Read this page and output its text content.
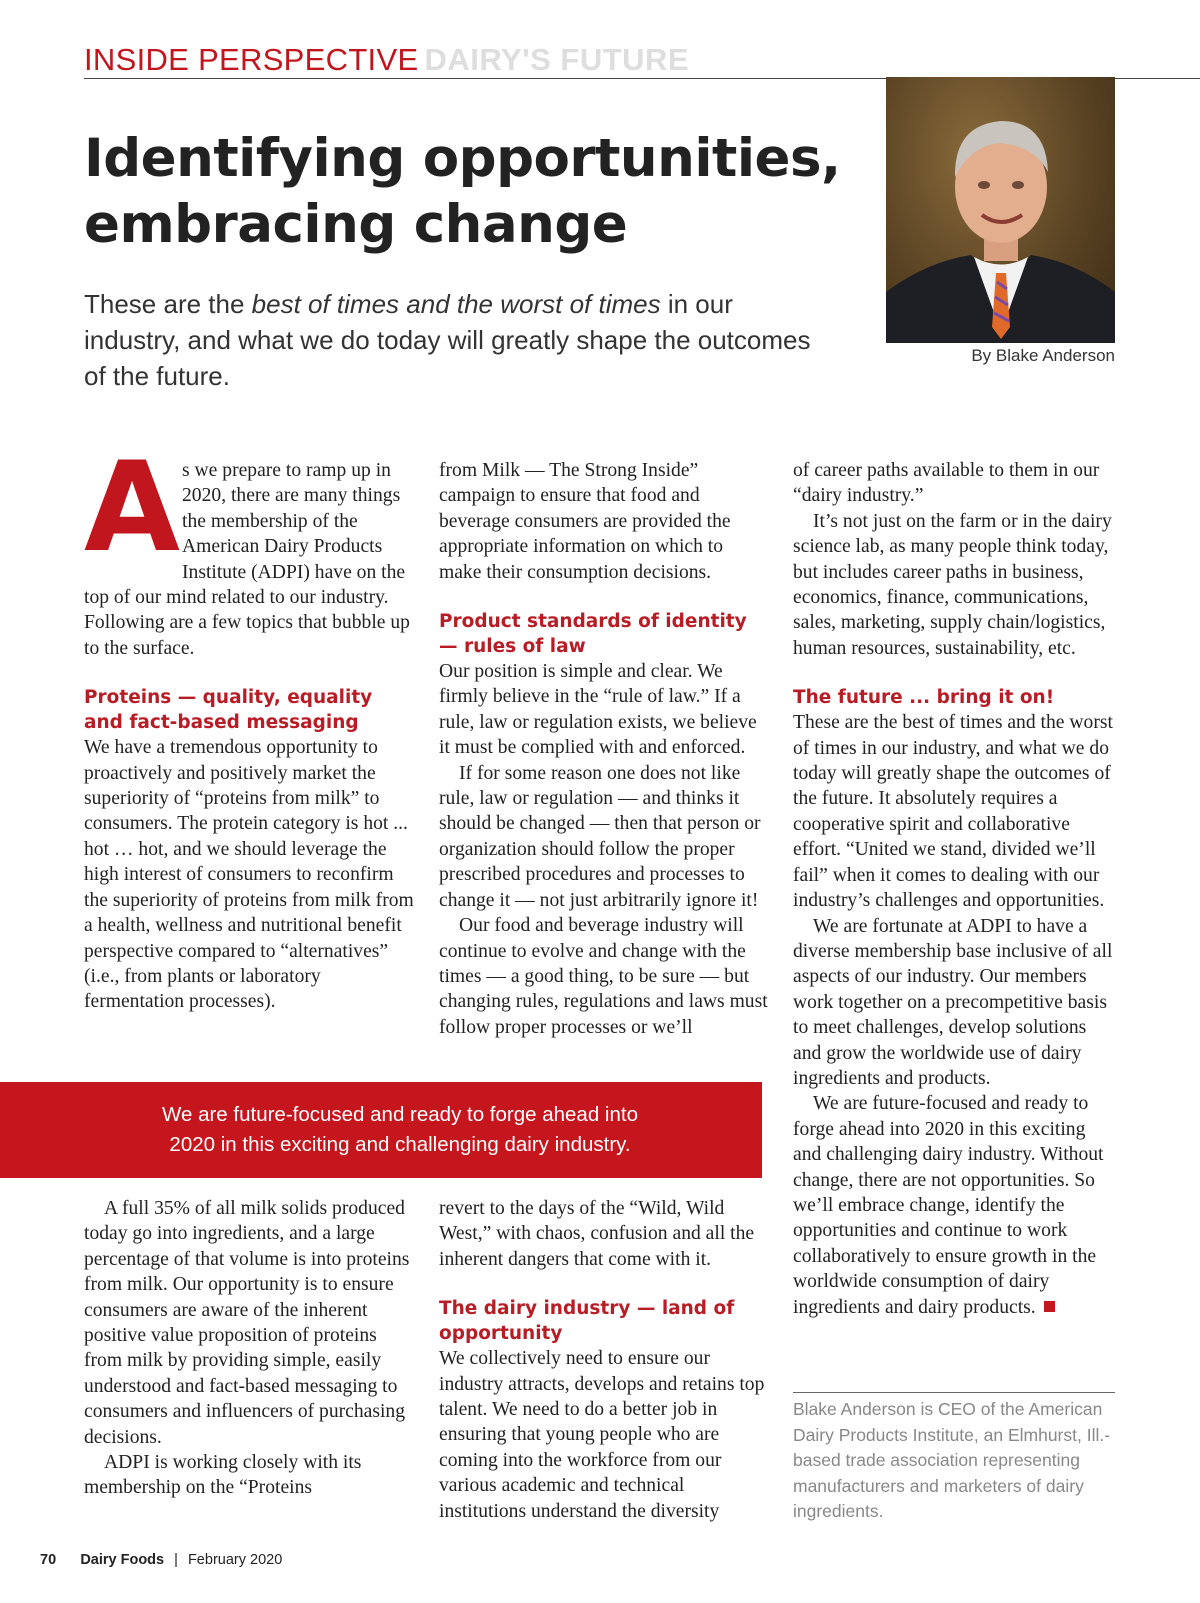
INSIDE PERSPECTIVE DAIRY'S FUTURE
Identifying opportunities,
embracing change
These are the best of times and the worst of times in our industry, and what we do today will greatly shape the outcomes of the future.
By Blake Anderson
A s we prepare to ramp up in 2020, there are many things the membership of the American Dairy Products Institute (ADPI) have on the top of our mind related to our industry. Following are a few topics that bubble up to the surface.

Proteins — quality, equality and fact-based messaging

We have a tremendous opportunity to proactively and positively market the superiority of “proteins from milk” to consumers. The protein category is hot ... hot … hot, and we should leverage the high interest of consumers to reconfirm the superiority of proteins from milk from a health, wellness and nutritional benefit perspective compared to “alternatives” (i.e., from plants or laboratory fermentation processes).

A full 35% of all milk solids produced today go into ingredients, and a large percentage of that volume is into proteins from milk. Our opportunity is to ensure consumers are aware of the inherent positive value proposition of proteins from milk by providing simple, easily understood and fact-based messaging to consumers and influencers of purchasing decisions.

ADPI is working closely with its membership on the “Proteins

from Milk — The Strong Inside” campaign to ensure that food and beverage consumers are provided the appropriate information on which to make their consumption decisions.

Product standards of identity — rules of law

Our position is simple and clear. We firmly believe in the “rule of law.” If a rule, law or regulation exists, we believe it must be complied with and enforced.

If for some reason one does not like rule, law or regulation — and thinks it should be changed — then that person or organization should follow the proper prescribed procedures and processes to change it — not just arbitrarily ignore it!

Our food and beverage industry will continue to evolve and change with the times — a good thing, to be sure — but changing rules, regulations and laws must follow proper processes or we’ll

revert to the days of the “Wild, Wild West,” with chaos, confusion and all the inherent dangers that come with it.

The dairy industry — land of opportunity

We collectively need to ensure our industry attracts, develops and retains top talent. We need to do a better job in ensuring that young people who are coming into the workforce from our various academic and technical institutions understand the diversity

of career paths available to them in our “dairy industry.”

It’s not just on the farm or in the dairy science lab, as many people think today, but includes career paths in business, economics, finance, communications, sales, marketing, supply chain/logistics, human resources, sustainability, etc.

The future ... bring it on!

These are the best of times and the worst of times in our industry, and what we do today will greatly shape the outcomes of the future. It absolutely requires a cooperative spirit and collaborative effort. “United we stand, divided we’ll fail” when it comes to dealing with our industry’s challenges and opportunities.

We are fortunate at ADPI to have a diverse membership base inclusive of all aspects of our industry. Our members work together on a precompetitive basis to meet challenges, develop solutions and grow the worldwide use of dairy ingredients and products.

We are future-focused and ready to forge ahead into 2020 in this exciting and challenging dairy industry. Without change, there are not opportunities. So we’ll embrace change, identify the opportunities and continue to work collaboratively to ensure growth in the worldwide consumption of dairy ingredients and dairy products.

We are future-focused and ready to forge ahead into
2020 in this exciting and challenging dairy industry.
Blake Anderson is CEO of the American Dairy Products Institute, an Elmhurst, Ill.-based trade association representing manufacturers and marketers of dairy ingredients.
70 Dairy Foods | February 2020
